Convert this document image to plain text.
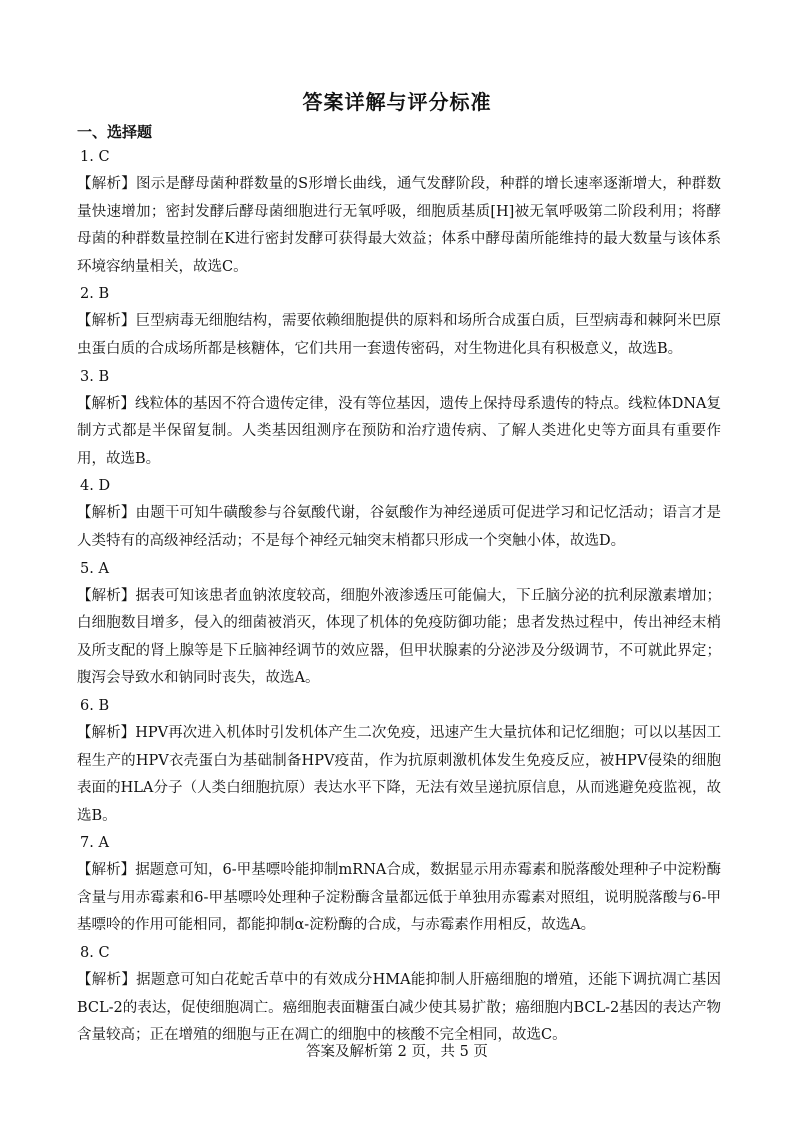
答案详解与评分标准
一、选择题
1. C
【解析】图示是酵母菌种群数量的S形增长曲线，通气发酵阶段，种群的增长速率逐渐增大，种群数量快速增加；密封发酵后酵母菌细胞进行无氧呼吸，细胞质基质[H]被无氧呼吸第二阶段利用；将酵母菌的种群数量控制在K进行密封发酵可获得最大效益；体系中酵母菌所能维持的最大数量与该体系环境容纳量相关，故选C。
2. B
【解析】巨型病毒无细胞结构，需要依赖细胞提供的原料和场所合成蛋白质，巨型病毒和棘阿米巴原虫蛋白质的合成场所都是核糖体，它们共用一套遗传密码，对生物进化具有积极意义，故选B。
3. B
【解析】线粒体的基因不符合遗传定律，没有等位基因，遗传上保持母系遗传的特点。线粒体DNA复制方式都是半保留复制。人类基因组测序在预防和治疗遗传病、了解人类进化史等方面具有重要作用，故选B。
4. D
【解析】由题干可知牛磺酸参与谷氨酸代谢，谷氨酸作为神经递质可促进学习和记忆活动；语言才是人类特有的高级神经活动；不是每个神经元轴突末梢都只形成一个突触小体，故选D。
5. A
【解析】据表可知该患者血钠浓度较高，细胞外液渗透压可能偏大，下丘脑分泌的抗利尿激素增加；白细胞数目增多，侵入的细菌被消灭，体现了机体的免疫防御功能；患者发热过程中，传出神经末梢及所支配的肾上腺等是下丘脑神经调节的效应器，但甲状腺素的分泌涉及分级调节，不可就此界定；腹泻会导致水和钠同时丧失，故选A。
6. B
【解析】HPV再次进入机体时引发机体产生二次免疫，迅速产生大量抗体和记忆细胞；可以以基因工程生产的HPV衣壳蛋白为基础制备HPV疫苗，作为抗原刺激机体发生免疫反应，被HPV侵染的细胞表面的HLA分子（人类白细胞抗原）表达水平下降，无法有效呈递抗原信息，从而逃避免疫监视，故选B。
7. A
【解析】据题意可知，6-甲基嘌呤能抑制mRNA合成，数据显示用赤霉素和脱落酸处理种子中淀粉酶含量与用赤霉素和6-甲基嘌呤处理种子淀粉酶含量都远低于单独用赤霉素对照组，说明脱落酸与6-甲基嘌呤的作用可能相同，都能抑制α-淀粉酶的合成，与赤霉素作用相反，故选A。
8. C
【解析】据题意可知白花蛇舌草中的有效成分HMA能抑制人肝癌细胞的增殖，还能下调抗凋亡基因BCL-2的表达，促使细胞凋亡。癌细胞表面糖蛋白减少使其易扩散；癌细胞内BCL-2基因的表达产物含量较高；正在增殖的细胞与正在凋亡的细胞中的核酸不完全相同，故选C。
答案及解析第 2 页，共 5 页
